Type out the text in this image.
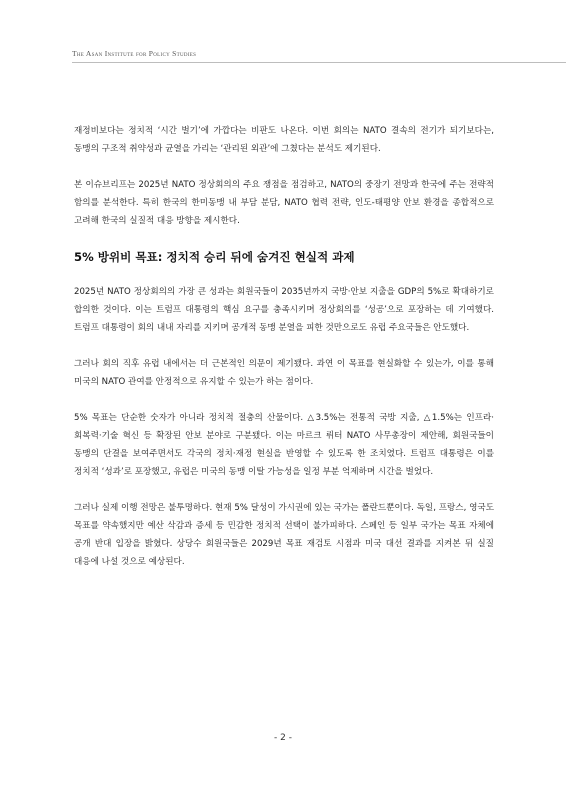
The Asan Institute for Policy Studies

재정비보다는 정치적 ‘시간 벌기’에 가깝다는 비판도 나온다. 이번 회의는 NATO 결속의 전기가 되기보다는, 동맹의 구조적 취약성과 균열을 가리는 ‘관리된 외관’에 그쳤다는 분석도 제기된다.

본 이슈브리프는 2025년 NATO 정상회의의 주요 쟁점을 점검하고, NATO의 중장기 전망과 한국에 주는 전략적 함의를 분석한다. 특히 한국의 한미동맹 내 부담 분담, NATO 협력 전략, 인도-태평양 안보 환경을 종합적으로 고려해 한국의 실질적 대응 방향을 제시한다.

5% 방위비 목표: 정치적 승리 뒤에 숨겨진 현실적 과제

2025년 NATO 정상회의의 가장 큰 성과는 회원국들이 2035년까지 국방·안보 지출을 GDP의 5%로 확대하기로 합의한 것이다. 이는 트럼프 대통령의 핵심 요구를 충족시키며 정상회의를 ‘성공’으로 포장하는 데 기여했다. 트럼프 대통령이 회의 내내 자리를 지키며 공개적 동맹 분열을 피한 것만으로도 유럽 주요국들은 안도했다.

그러나 회의 직후 유럽 내에서는 더 근본적인 의문이 제기됐다. 과연 이 목표를 현실화할 수 있는가, 이를 통해 미국의 NATO 관여를 안정적으로 유지할 수 있는가 하는 점이다.

5% 목표는 단순한 숫자가 아니라 정치적 절충의 산물이다. △3.5%는 전통적 국방 지출, △1.5%는 인프라·회복력·기술 혁신 등 확장된 안보 분야로 구분됐다. 이는 마르크 뤼터 NATO 사무총장이 제안해, 회원국들이 동맹의 단결을 보여주면서도 각국의 정치·재정 현실을 반영할 수 있도록 한 조치였다. 트럼프 대통령은 이를 정치적 ‘성과’로 포장했고, 유럽은 미국의 동맹 이탈 가능성을 일정 부분 억제하며 시간을 벌었다.

그러나 실제 이행 전망은 불투명하다. 현재 5% 달성이 가시권에 있는 국가는 폴란드뿐이다. 독일, 프랑스, 영국도 목표를 약속했지만 예산 삭감과 증세 등 민감한 정치적 선택이 불가피하다. 스페인 등 일부 국가는 목표 자체에 공개 반대 입장을 밝혔다. 상당수 회원국들은 2029년 목표 재검토 시점과 미국 대선 결과를 지켜본 뒤 실질 대응에 나설 것으로 예상된다.

- 2 -
